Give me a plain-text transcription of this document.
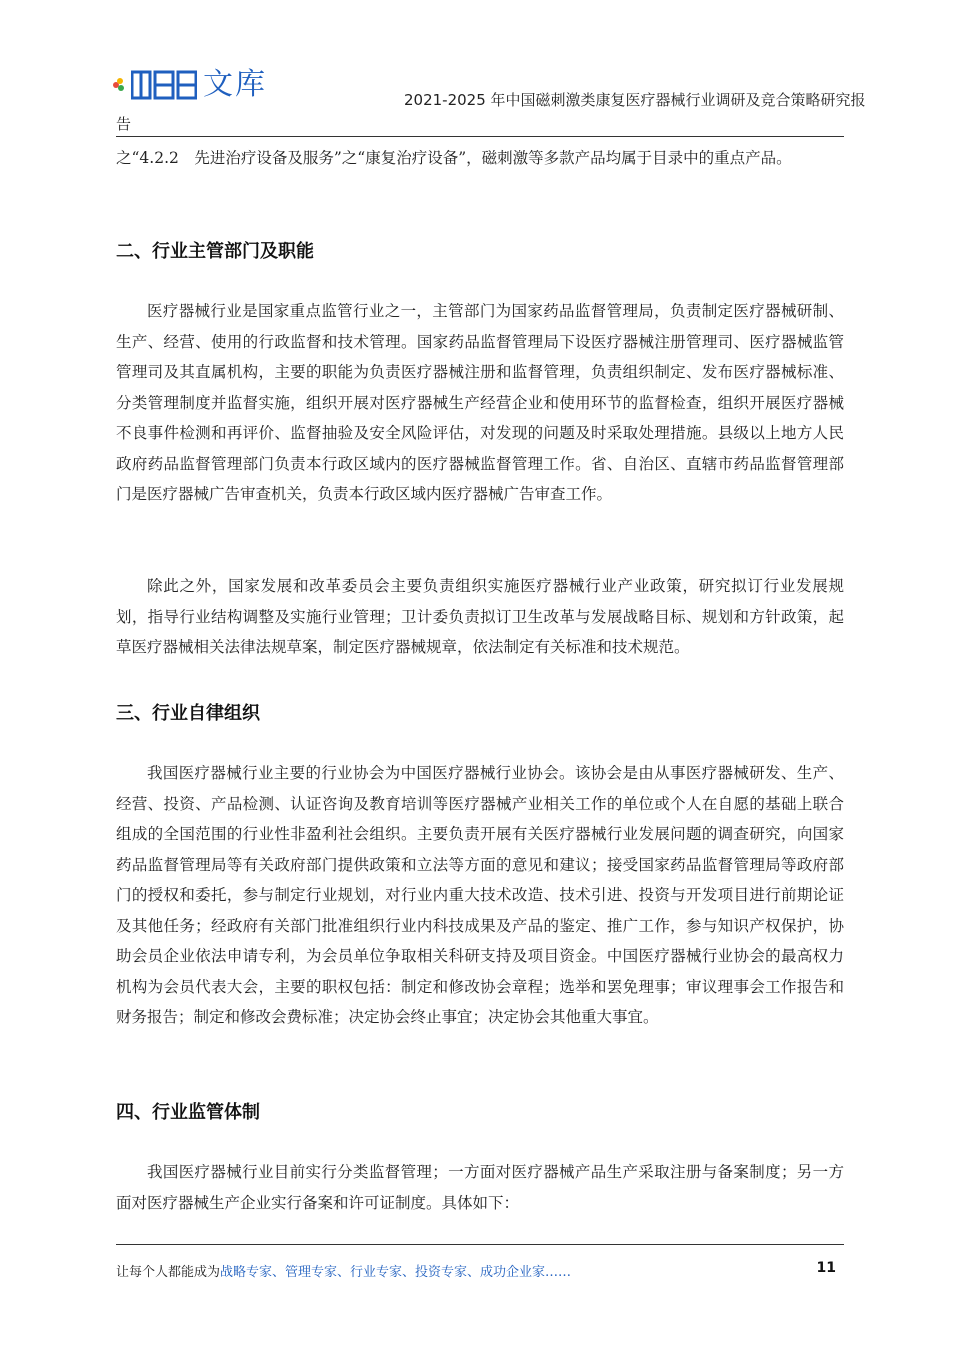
文库	2021-2025 年中国磁刺激类康复医疗器械行业调研及竞合策略研究报
告
之“4.2.2　先进治疗设备及服务”之“康复治疗设备”，磁刺激等多款产品均属于目录中的重点产品。
二、行业主管部门及职能
医疗器械行业是国家重点监管行业之一，主管部门为国家药品监督管理局，负责制定医疗器械研制、生产、经营、使用的行政监督和技术管理。国家药品监督管理局下设医疗器械注册管理司、医疗器械监管管理司及其直属机构，主要的职能为负责医疗器械注册和监督管理，负责组织制定、发布医疗器械标准、分类管理制度并监督实施，组织开展对医疗器械生产经营企业和使用环节的监督检查，组织开展医疗器械不良事件检测和再评价、监督抽验及安全风险评估，对发现的问题及时采取处理措施。县级以上地方人民政府药品监督管理部门负责本行政区域内的医疗器械监督管理工作。省、自治区、直辖市药品监督管理部门是医疗器械广告审查机关，负责本行政区域内医疗器械广告审查工作。
除此之外，国家发展和改革委员会主要负责组织实施医疗器械行业产业政策，研究拟订行业发展规划，指导行业结构调整及实施行业管理；卫计委负责拟订卫生改革与发展战略目标、规划和方针政策，起草医疗器械相关法律法规草案，制定医疗器械规章，依法制定有关标准和技术规范。
三、行业自律组织
我国医疗器械行业主要的行业协会为中国医疗器械行业协会。该协会是由从事医疗器械研发、生产、经营、投资、产品检测、认证咨询及教育培训等医疗器械产业相关工作的单位或个人在自愿的基础上联合组成的全国范围的行业性非盈利社会组织。主要负责开展有关医疗器械行业发展问题的调查研究，向国家药品监督管理局等有关政府部门提供政策和立法等方面的意见和建议；接受国家药品监督管理局等政府部门的授权和委托，参与制定行业规划，对行业内重大技术改造、技术引进、投资与开发项目进行前期论证及其他任务；经政府有关部门批准组织行业内科技成果及产品的鉴定、推广工作，参与知识产权保护，协助会员企业依法申请专利，为会员单位争取相关科研支持及项目资金。中国医疗器械行业协会的最高权力机构为会员代表大会，主要的职权包括：制定和修改协会章程；选举和罢免理事；审议理事会工作报告和财务报告；制定和修改会费标准；决定协会终止事宜；决定协会其他重大事宜。
四、行业监管体制
我国医疗器械行业目前实行分类监督管理；一方面对医疗器械产品生产采取注册与备案制度；另一方面对医疗器械生产企业实行备案和许可证制度。具体如下：
让每个人都能成为战略专家、管理专家、行业专家、投资专家、成功企业家……	11
